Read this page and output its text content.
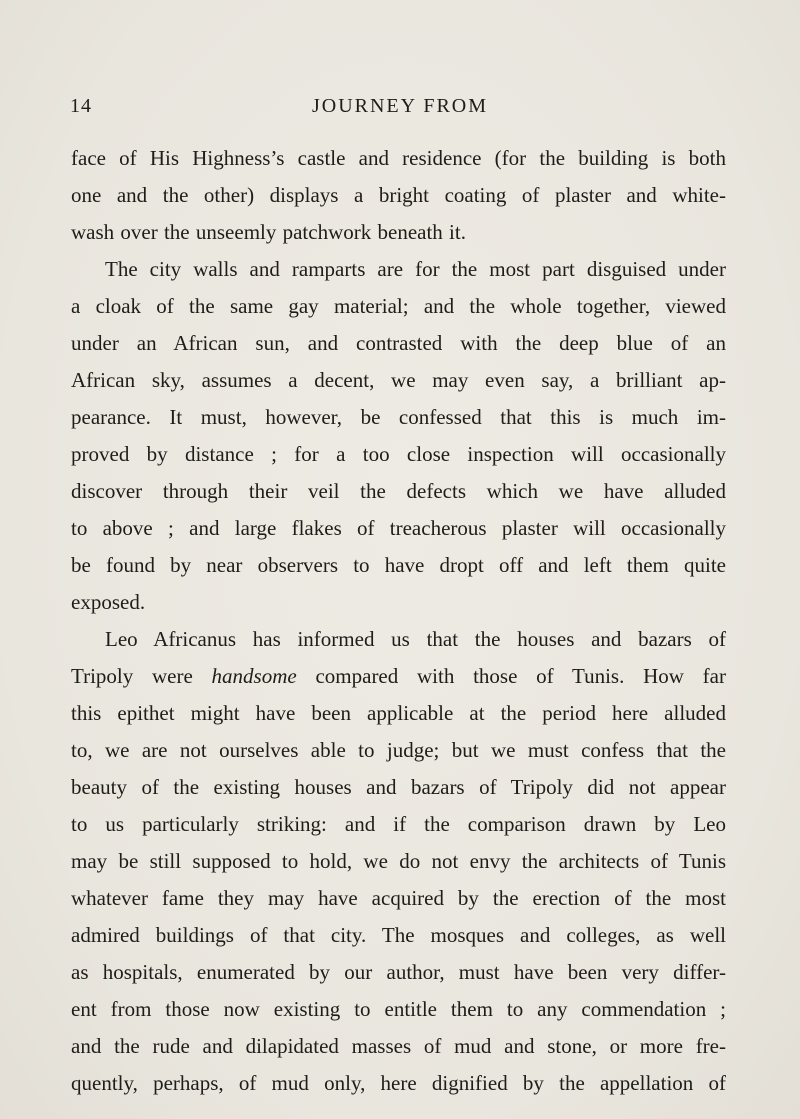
14	JOURNEY FROM
face of His Highness’s castle and residence (for the building is both
one and the other) displays a bright coating of plaster and white-
wash over the unseemly patchwork beneath it.
The city walls and ramparts are for the most part disguised under
a cloak of the same gay material; and the whole together, viewed
under an African sun, and contrasted with the deep blue of an
African sky, assumes a decent, we may even say, a brilliant ap-
pearance. It must, however, be confessed that this is much im-
proved by distance ; for a too close inspection will occasionally
discover through their veil the defects which we have alluded
to above ; and large flakes of treacherous plaster will occasionally
be found by near observers to have dropt off and left them quite
exposed.
Leo Africanus has informed us that the houses and bazars of
Tripoly were handsome compared with those of Tunis. How far
this epithet might have been applicable at the period here alluded
to, we are not ourselves able to judge; but we must confess that the
beauty of the existing houses and bazars of Tripoly did not appear
to us particularly striking: and if the comparison drawn by Leo
may be still supposed to hold, we do not envy the architects of Tunis
whatever fame they may have acquired by the erection of the most
admired buildings of that city. The mosques and colleges, as well
as hospitals, enumerated by our author, must have been very differ-
ent from those now existing to entitle them to any commendation ;
and the rude and dilapidated masses of mud and stone, or more fre-
quently, perhaps, of mud only, here dignified by the appellation of
